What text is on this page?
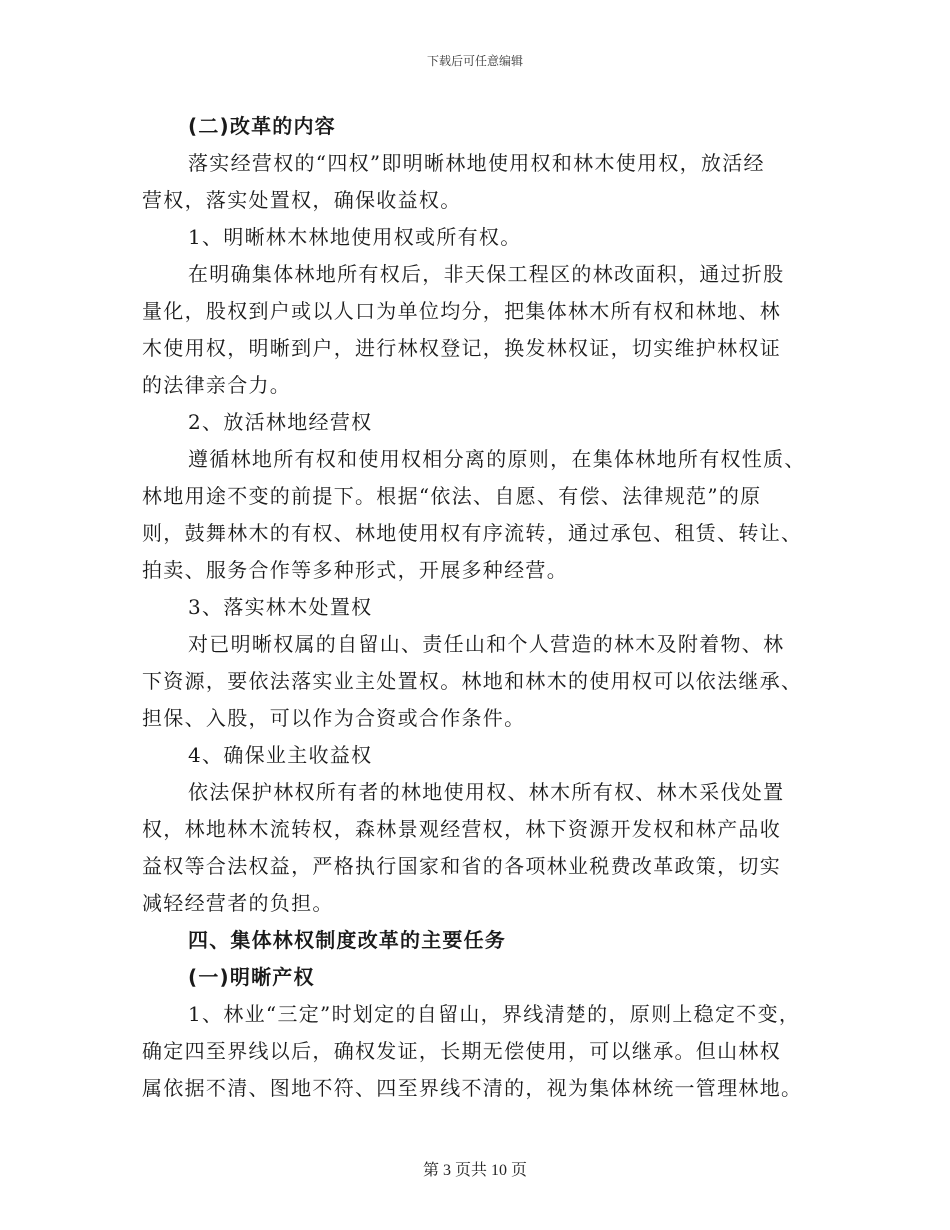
下载后可任意编辑
(二)改革的内容
落实经营权的“四权”即明晰林地使用权和林木使用权，放活经
营权，落实处置权，确保收益权。
1、明晰林木林地使用权或所有权。
在明确集体林地所有权后，非天保工程区的林改面积，通过折股
量化，股权到户或以人口为单位均分，把集体林木所有权和林地、林
木使用权，明晰到户，进行林权登记，换发林权证，切实维护林权证
的法律亲合力。
2、放活林地经营权
遵循林地所有权和使用权相分离的原则，在集体林地所有权性质、
林地用途不变的前提下。根据“依法、自愿、有偿、法律规范”的原
则，鼓舞林木的有权、林地使用权有序流转，通过承包、租赁、转让、
拍卖、服务合作等多种形式，开展多种经营。
3、落实林木处置权
对已明晰权属的自留山、责任山和个人营造的林木及附着物、林
下资源，要依法落实业主处置权。林地和林木的使用权可以依法继承、
担保、入股，可以作为合资或合作条件。
4、确保业主收益权
依法保护林权所有者的林地使用权、林木所有权、林木采伐处置
权，林地林木流转权，森林景观经营权，林下资源开发权和林产品收
益权等合法权益，严格执行国家和省的各项林业税费改革政策，切实
减轻经营者的负担。
四、集体林权制度改革的主要任务
(一)明晰产权
1、林业“三定”时划定的自留山，界线清楚的，原则上稳定不变，
确定四至界线以后，确权发证，长期无偿使用，可以继承。但山林权
属依据不清、图地不符、四至界线不清的，视为集体林统一管理林地。
第 3 页共 10 页
